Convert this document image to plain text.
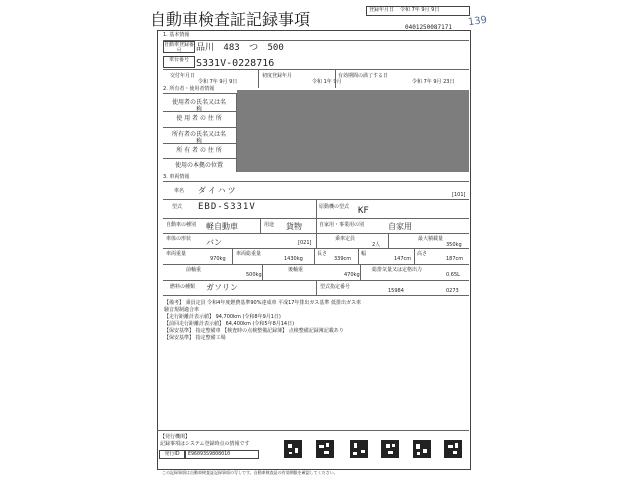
自動車検査証記録事項	登録年月日 令和 7年 9月 9日
0401250087171 139
1. 基本情報
自動車登録番号	品川 483 つ 500
車台番号 S331V-0228716
交付年月日
令和 7年 9月 9日
初度登録年月
令和 1年 9月
有効期間の満了する日
令和 7年 9月 23日
2. 所有者・使用者情報
使用者の氏名又は名称
使 用 者 の 住 所
所有者の氏名又は名称
所 有 者 の 住 所
使用の本拠の位置
3. 車両情報
車名 ダイハツ	[101]
型式 EBD-S331V	原動機の型式 KF
自動車の種別 軽自動車	用途 貨物	自家用・事業用の別	自家用
車体の形状 バン	[021]
乗車定員
2人
最大積載量
350kg
車両重量
970kg
車両総重量
1430kg
長さ
339cm
幅
147cm
高さ
187cm
前軸重
500kg
後軸重
470kg
総排気量又は定格出力
0.65L
燃料の種類 ガソリン	型式指定番号
15984	0273
【備考】 乗員定員 令和4年度燃費基準90%達成車 平成17年排出ガス基準 低排出ガス車
騒音規制適合車
【走行距離計表示値】 94,700km (令和8年9月1日)
【前回走行距離計表示値】 64,400km (令和5年8月14日)
【保安基準】 指定整備車 【検査時の点検整備記録簿】 点検整備記録簿記載あり
【保安基準】 指定整備工場
【発行機関】
記録事項はシステム登録時点の情報です
発行ID	E96093S9808010
この記録事項は自動車検査証記録事項の写しです。自動車検査証の有効期限を確認してください。
